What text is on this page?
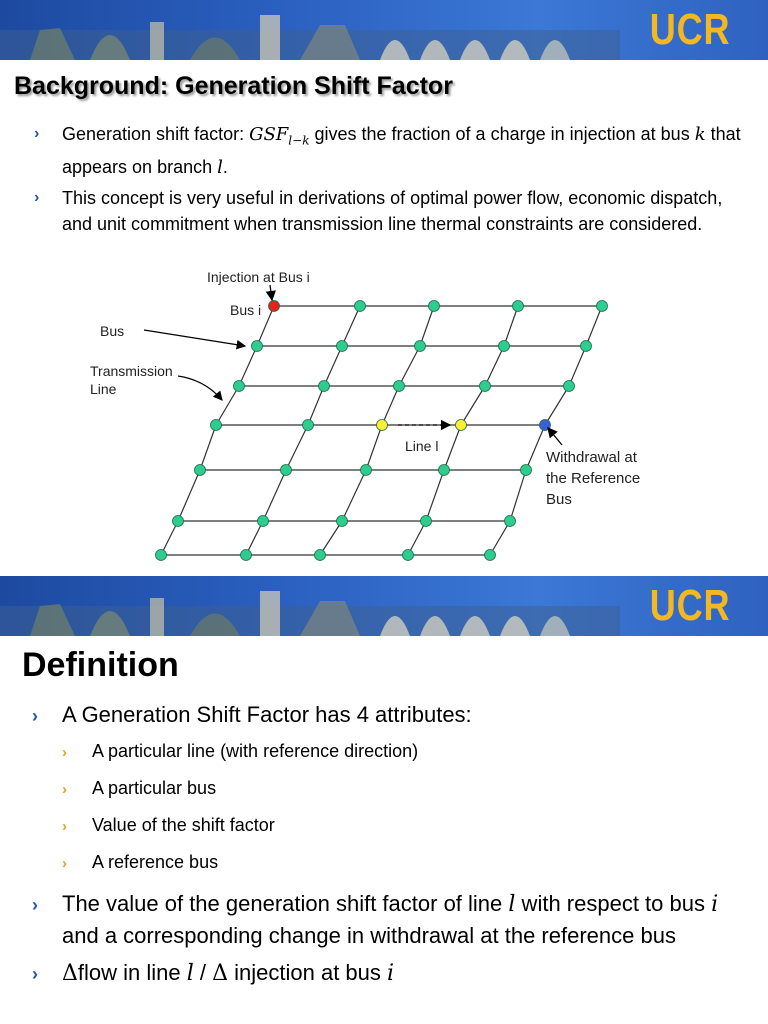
UCR
Background: Generation Shift Factor
› Generation shift factor: $GSF_{l-k}$ gives the fraction of a charge in injection at bus k that appears on branch l.
› This concept is very useful in derivations of optimal power flow, economic dispatch, and unit commitment when transmission line thermal constraints are considered.
Injection at Bus i
Bus i
Bus
Transmission
Line
Line l
Withdrawal at
the Reference
Bus
UCR
Definition
› A Generation Shift Factor has 4 attributes:
› A particular line (with reference direction)
› A particular bus
› Value of the shift factor
› A reference bus
› The value of the generation shift factor of line l with respect to bus i and a corresponding change in withdrawal at the reference bus
› Δflow in line l / Δ injection at bus i
